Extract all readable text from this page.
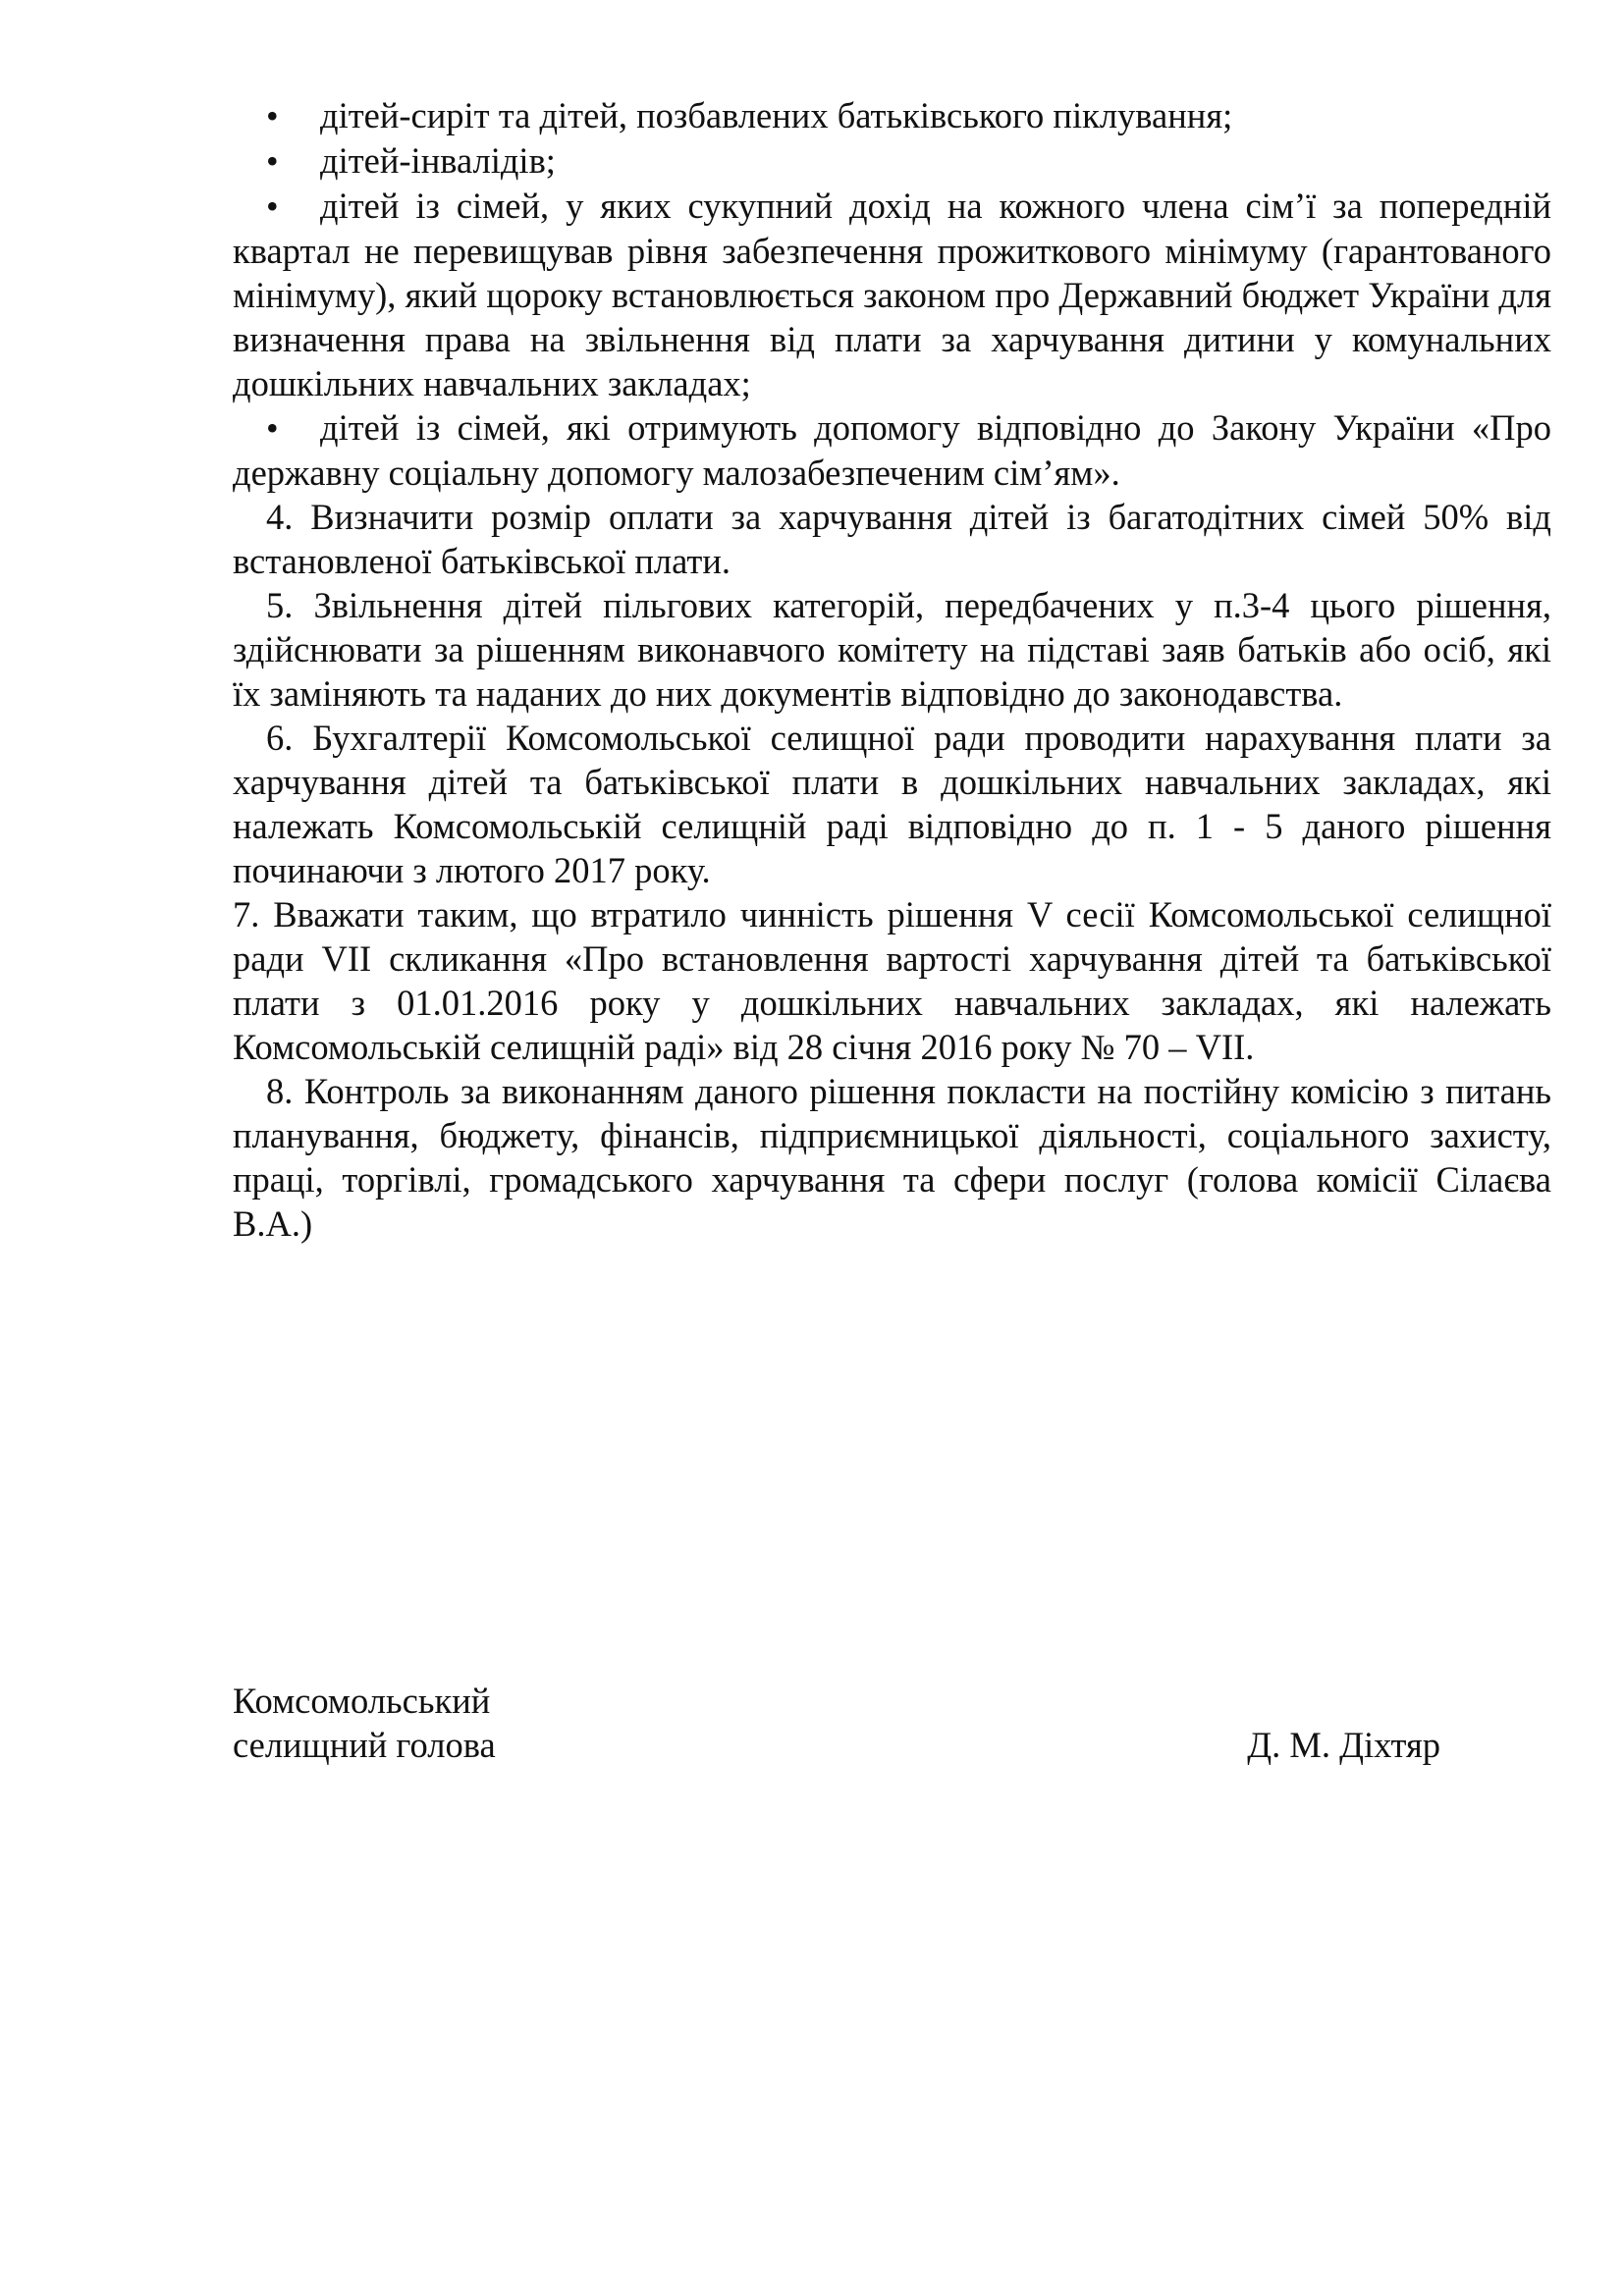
• дітей-сиріт та дітей, позбавлених батьківського піклування;

• дітей-інвалідів;

• дітей із сімей, у яких сукупний дохід на кожного члена сім’ї за попередній квартал не перевищував рівня забезпечення прожиткового мінімуму (гарантованого мінімуму), який щороку встановлюється законом про Державний бюджет України для визначення права на звільнення від плати за харчування дитини у комунальних дошкільних навчальних закладах;

• дітей із сімей, які отримують допомогу відповідно до Закону України «Про державну соціальну допомогу малозабезпеченим сім’ям».

4. Визначити розмір оплати за харчування дітей із багатодітних сімей 50% від встановленої батьківської плати.

5. Звільнення дітей пільгових категорій, передбачених у п.3-4 цього рішення, здійснювати за рішенням виконавчого комітету на підставі заяв батьків або осіб, які їх заміняють та наданих до них документів відповідно до законодавства.

6. Бухгалтерії Комсомольської селищної ради проводити нарахування плати за харчування дітей та батьківської плати в дошкільних навчальних закладах, які належать Комсомольській селищній раді відповідно до п. 1 - 5 даного рішення починаючи з лютого 2017 року.

7. Вважати таким, що втратило чинність рішення V сесії Комсомольської селищної ради VII скликання «Про встановлення вартості харчування дітей та батьківської плати з 01.01.2016 року у дошкільних навчальних закладах, які належать Комсомольській селищній раді» від 28 січня 2016 року № 70 – VII.

8. Контроль за виконанням даного рішення покласти на постійну комісію з питань планування, бюджету, фінансів, підприємницької діяльності, соціального захисту, праці, торгівлі, громадського харчування та сфери послуг (голова комісії Сілаєва В.А.)

Комсомольський

селищний голова	Д. М. Діхтяр
